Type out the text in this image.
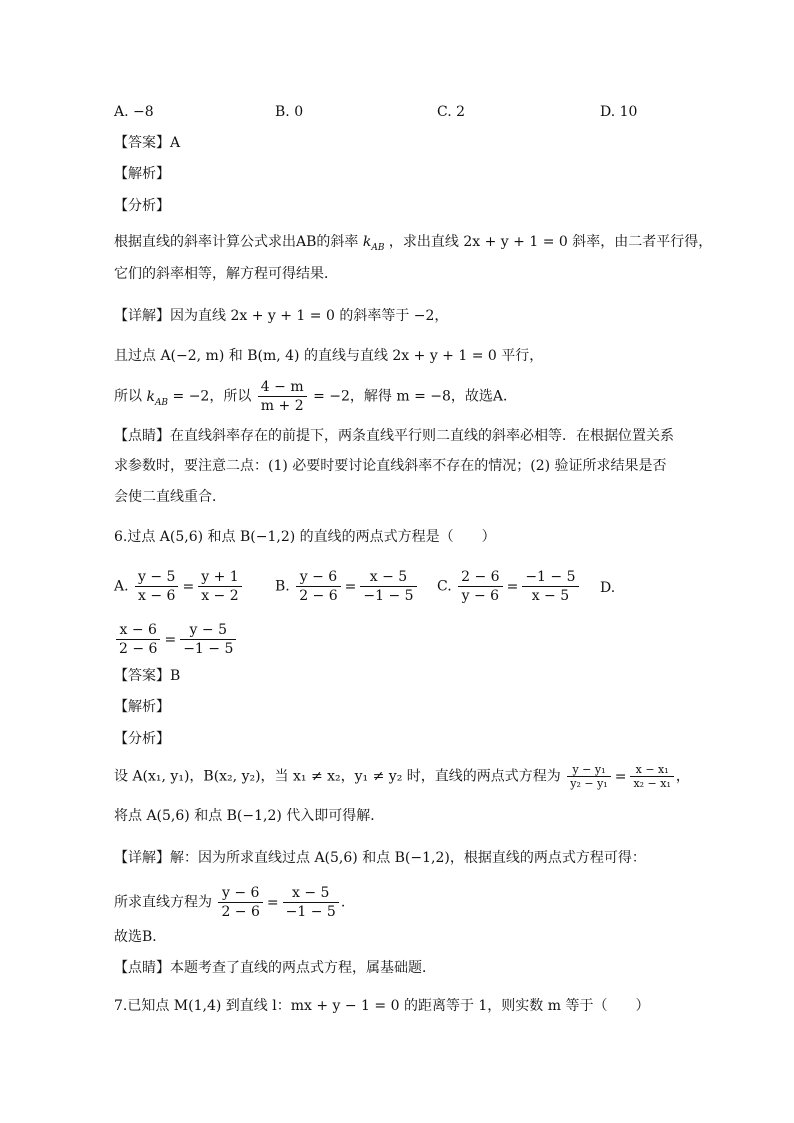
A. −8	B. 0	C. 2	D. 10
【答案】A
【解析】
【分析】
根据直线的斜率计算公式求出AB的斜率 $k_{AB}$ ，求出直线 2x + y + 1 = 0 斜率，由二者平行得，
它们的斜率相等，解方程可得结果．
【详解】因为直线 2x + y + 1 = 0 的斜率等于 −2，
且过点 A(−2, m) 和 B(m, 4) 的直线与直线 2x + y + 1 = 0 平行，
所以 $k_{AB} = -2$，所以 $\frac{4 - m}{m + 2} = -2$，解得 m = −8，故选A．
【点睛】在直线斜率存在的前提下，两条直线平行则二直线的斜率必相等．在根据位置关系
求参数时，要注意二点：(1) 必要时要讨论直线斜率不存在的情况；(2) 验证所求结果是否
会使二直线重合．
6.过点 A(5,6) 和点 B(−1,2) 的直线的两点式方程是（　　）
A. $\frac{y - 5}{x - 6} = \frac{y + 1}{x - 2} B$. $\frac{y - 6}{2 - 6} = \frac{x - 5}{-1 - 5} C$. $\frac{2 - 6}{y - 6} = \frac{-1 - 5}{x - 5} D$.
$\frac{x - 6}{2 - 6} = \frac{y - 5}{-1 - 5}$
【答案】B
【解析】
【分析】
设 A(x₁, y₁)，B(x₂, y₂)，当 x₁ ≠ x₂，y₁ ≠ y₂ 时，直线的两点式方程为 $\frac{\text{y − y₁}}{\text{y₂ − y₁}} = \frac{\text{x − x₁}}{\text{x₂ − x₁}}$ ，
将点 A(5,6) 和点 B(−1,2) 代入即可得解．
【详解】解：因为所求直线过点 A(5,6) 和点 B(−1,2)，根据直线的两点式方程可得：
所求直线方程为 $\frac{y - 6}{2 - 6} = \frac{x - 5}{-1 - 5}$ .
故选B．
【点睛】本题考查了直线的两点式方程，属基础题．
7.已知点 M(1,4) 到直线 l：mx + y − 1 = 0 的距离等于 1，则实数 m 等于（　　）
